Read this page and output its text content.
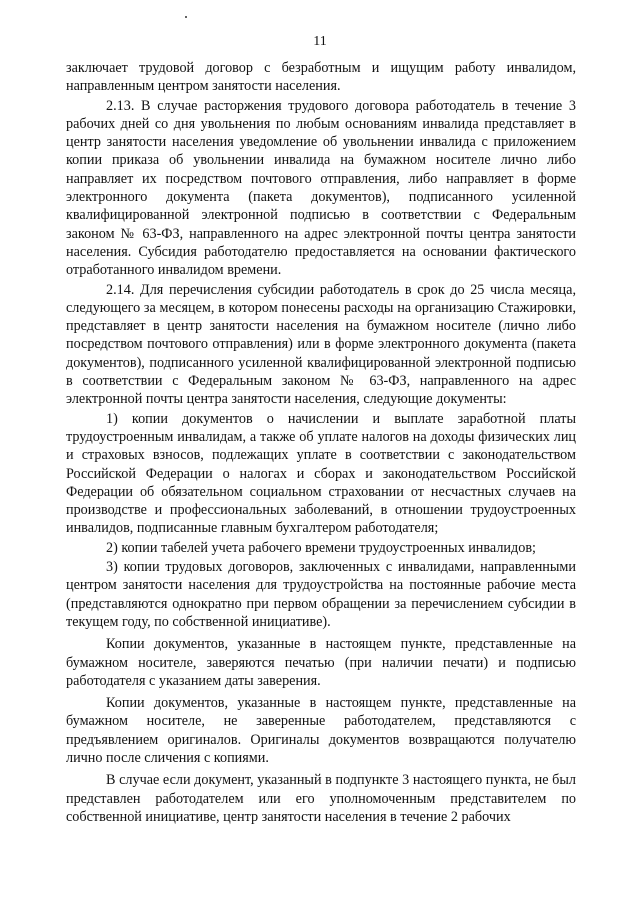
11

заключает трудовой договор с безработным и ищущим работу инвалидом, направленным центром занятости населения.

2.13. В случае расторжения трудового договора работодатель в течение 3 рабочих дней со дня увольнения по любым основаниям инвалида представляет в центр занятости населения уведомление об увольнении инвалида с приложением копии приказа об увольнении инвалида на бумажном носителе лично либо направляет их посредством почтового отправления, либо направляет в форме электронного документа (пакета документов), подписанного усиленной квалифицированной электронной подписью в соответствии с Федеральным законом № 63-ФЗ, направленного на адрес электронной почты центра занятости населения. Субсидия работодателю предоставляется на основании фактического отработанного инвалидом времени.

2.14. Для перечисления субсидии работодатель в срок до 25 числа месяца, следующего за месяцем, в котором понесены расходы на организацию Стажировки, представляет в центр занятости населения на бумажном носителе (лично либо посредством почтового отправления) или в форме электронного документа (пакета документов), подписанного усиленной квалифицированной электронной подписью в соответствии с Федеральным законом № 63-ФЗ, направленного на адрес электронной почты центра занятости населения, следующие документы:

1) копии документов о начислении и выплате заработной платы трудоустроенным инвалидам, а также об уплате налогов на доходы физических лиц и страховых взносов, подлежащих уплате в соответствии с законодательством Российской Федерации о налогах и сборах и законодательством Российской Федерации об обязательном социальном страховании от несчастных случаев на производстве и профессиональных заболеваний, в отношении трудоустроенных инвалидов, подписанные главным бухгалтером работодателя;

2) копии табелей учета рабочего времени трудоустроенных инвалидов;

3) копии трудовых договоров, заключенных с инвалидами, направленными центром занятости населения для трудоустройства на постоянные рабочие места (представляются однократно при первом обращении за перечислением субсидии в текущем году, по собственной инициативе).

Копии документов, указанные в настоящем пункте, представленные на бумажном носителе, заверяются печатью (при наличии печати) и подписью работодателя с указанием даты заверения.

Копии документов, указанные в настоящем пункте, представленные на бумажном носителе, не заверенные работодателем, представляются с предъявлением оригиналов. Оригиналы документов возвращаются получателю лично после сличения с копиями.

В случае если документ, указанный в подпункте 3 настоящего пункта, не был представлен работодателем или его уполномоченным представителем по собственной инициативе, центр занятости населения в течение 2 рабочих
